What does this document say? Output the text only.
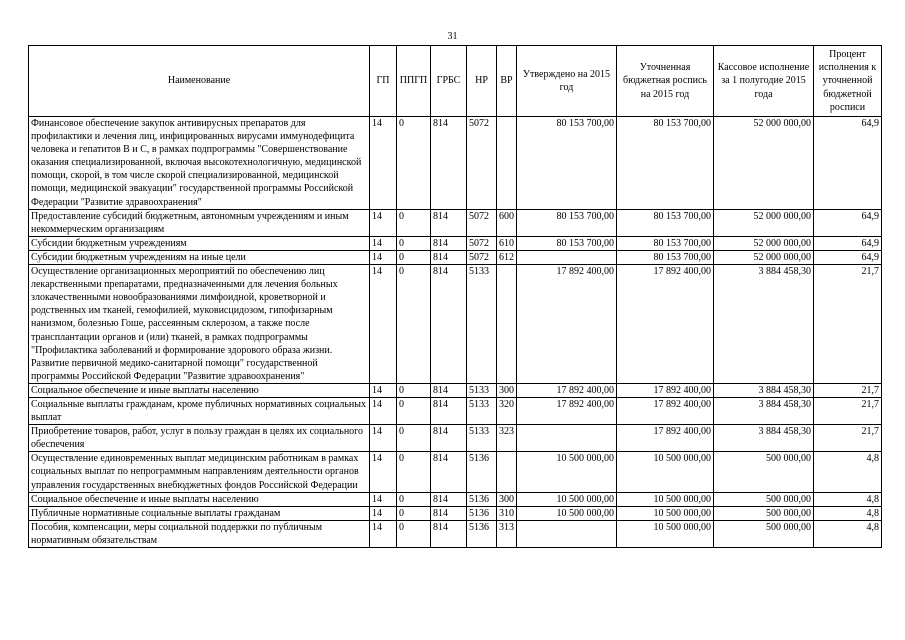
31
Наименование	ГП	ППГП	ГРБС	НР	ВР	Утверждено на 2015 год	Уточненная бюджетная роспись на 2015 год	Кассовое исполнение за 1 полугодие 2015 года	Процент исполнения к уточненной бюджетной росписи
Финансовое обеспечение закупок антивирусных препаратов для профилактики и лечения лиц, инфицированных вирусами иммунодефицита человека и гепатитов В и С, в рамках подпрограммы "Совершенствование оказания специализированной, включая высокотехнологичную, медицинской помощи, скорой, в том числе скорой специализированной, медицинской помощи, медицинской эвакуации" государственной программы Российской Федерации "Развитие здравоохранения"	14	0	814	5072		80 153 700,00	80 153 700,00	52 000 000,00	64,9
Предоставление субсидий бюджетным, автономным учреждениям и иным некоммерческим организациям	14	0	814	5072	600	80 153 700,00	80 153 700,00	52 000 000,00	64,9
Субсидии бюджетным учреждениям	14	0	814	5072	610	80 153 700,00	80 153 700,00	52 000 000,00	64,9
Субсидии бюджетным учреждениям на иные цели	14	0	814	5072	612		80 153 700,00	52 000 000,00	64,9
Осуществление организационных мероприятий по обеспечению лиц лекарственными препаратами, предназначенными для лечения больных злокачественными новообразованиями лимфоидной, кроветворной и родственных им тканей, гемофилией, муковисцидозом, гипофизарным нанизмом, болезнью Гоше, рассеянным склерозом, а также после трансплантации органов и (или) тканей, в рамках подпрограммы "Профилактика заболеваний и формирование здорового образа жизни. Развитие первичной медико-санитарной помощи" государственной программы Российской Федерации "Развитие здравоохранения"	14	0	814	5133		17 892 400,00	17 892 400,00	3 884 458,30	21,7
Социальное обеспечение и иные выплаты населению	14	0	814	5133	300	17 892 400,00	17 892 400,00	3 884 458,30	21,7
Социальные выплаты гражданам, кроме публичных нормативных социальных выплат	14	0	814	5133	320	17 892 400,00	17 892 400,00	3 884 458,30	21,7
Приобретение товаров, работ, услуг в пользу граждан в целях их социального обеспечения	14	0	814	5133	323		17 892 400,00	3 884 458,30	21,7
Осуществление единовременных выплат медицинским работникам в рамках социальных выплат по непрограммным направлениям деятельности органов управления государственных внебюджетных фондов Российской Федерации	14	0	814	5136		10 500 000,00	10 500 000,00	500 000,00	4,8
Социальное обеспечение и иные выплаты населению	14	0	814	5136	300	10 500 000,00	10 500 000,00	500 000,00	4,8
Публичные нормативные социальные выплаты гражданам	14	0	814	5136	310	10 500 000,00	10 500 000,00	500 000,00	4,8
Пособия, компенсации, меры социальной поддержки по публичным нормативным обязательствам	14	0	814	5136	313		10 500 000,00	500 000,00	4,8
